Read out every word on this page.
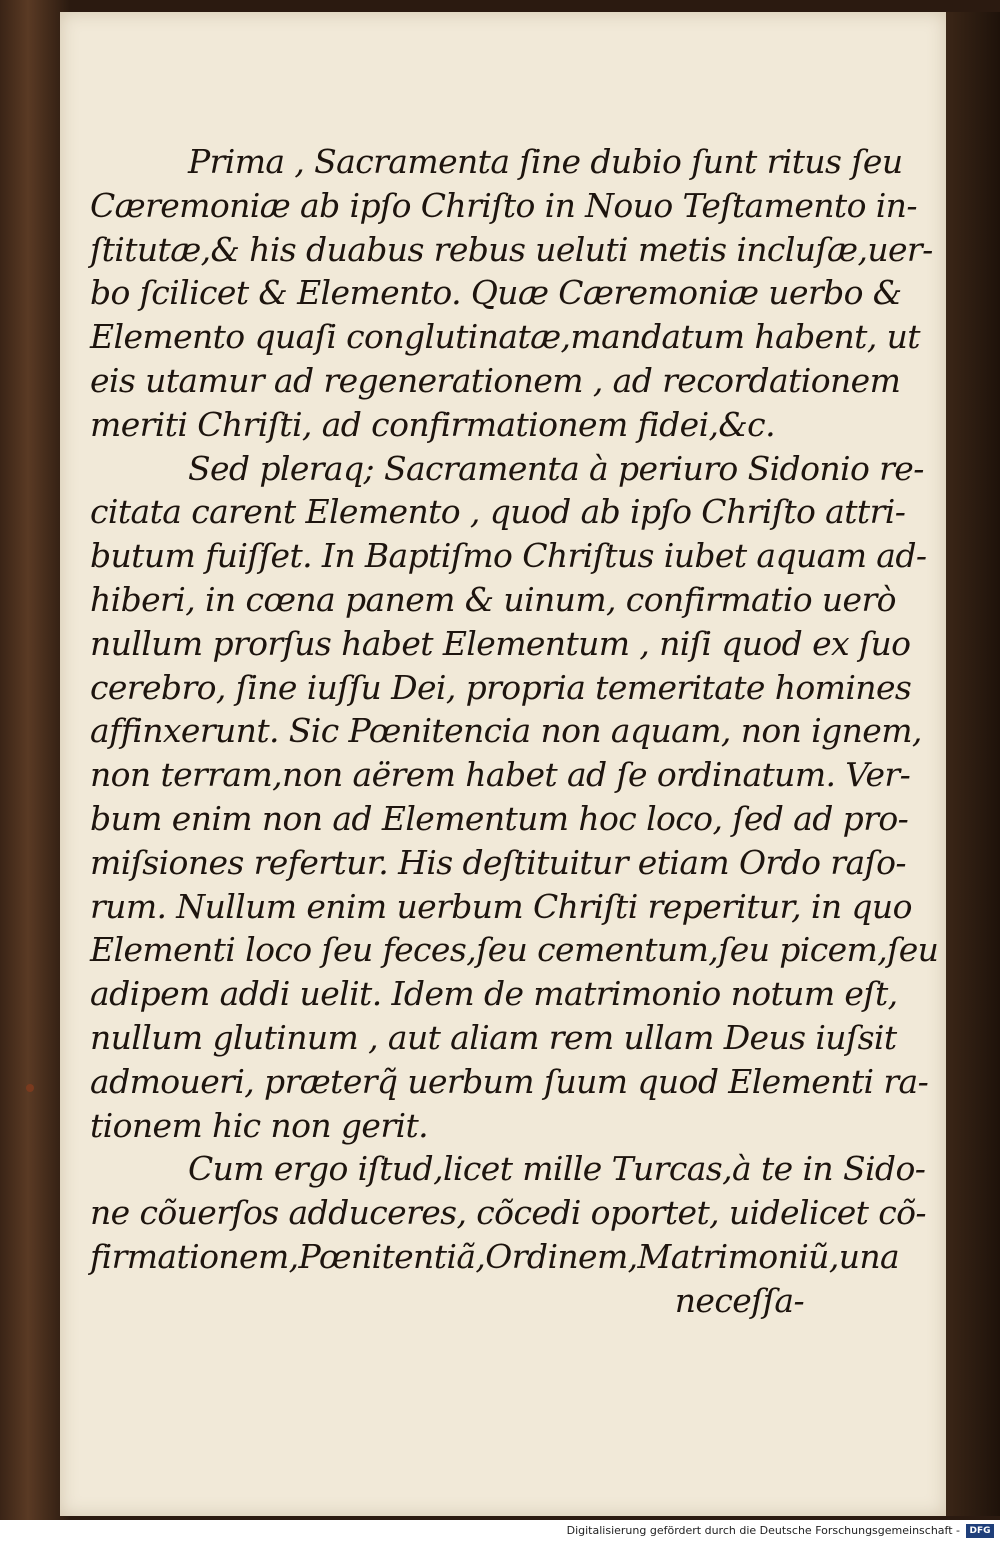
Prima , Sacramenta ſine dubio ſunt ritus ſeu
Cæremoniæ ab ipſo Chriſto in Nouo Teſtamento in-
ſtitutæ,& his duabus rebus ueluti metis incluſæ,uer-
bo ſcilicet & Elemento. Quæ Cæremoniæ uerbo &
Elemento quaſi conglutinatæ,mandatum habent, ut
eis utamur ad regenerationem , ad recordationem
meriti Chriſti, ad confirmationem fidei,&c.
Sed pleraq; Sacramenta à periuro Sidonio re-
citata carent Elemento , quod ab ipſo Chriſto attri-
butum fuiſſet. In Baptiſmo Chriſtus iubet aquam ad-
hiberi, in cœna panem & uinum, confirmatio uerò
nullum prorſus habet Elementum , niſi quod ex ſuo
cerebro, ſine iuſſu Dei, propria temeritate homines
affinxerunt. Sic Pœnitencia non aquam, non ignem,
non terram,non aërem habet ad ſe ordinatum. Ver-
bum enim non ad Elementum hoc loco, ſed ad pro-
miſsiones refertur. His deſtituitur etiam Ordo raſo-
rum. Nullum enim uerbum Chriſti reperitur, in quo
Elementi loco ſeu feces,ſeu cementum,ſeu picem,ſeu
adipem addi uelit. Idem de matrimonio notum eſt,
nullum glutinum , aut aliam rem ullam Deus iuſsit
admoueri, præterq̃ uerbum ſuum quod Elementi ra-
tionem hic non gerit.
Cum ergo iſtud,licet mille Turcas,à te in Sido-
ne cõuerſos adduceres, cõcedi oportet, uidelicet cõ-
firmationem,Pœnitentiã,Ordinem,Matrimoniũ,una
neceſſa-
Digitalisierung gefördert durch die Deutsche Forschungsgemeinschaft -	DFG
